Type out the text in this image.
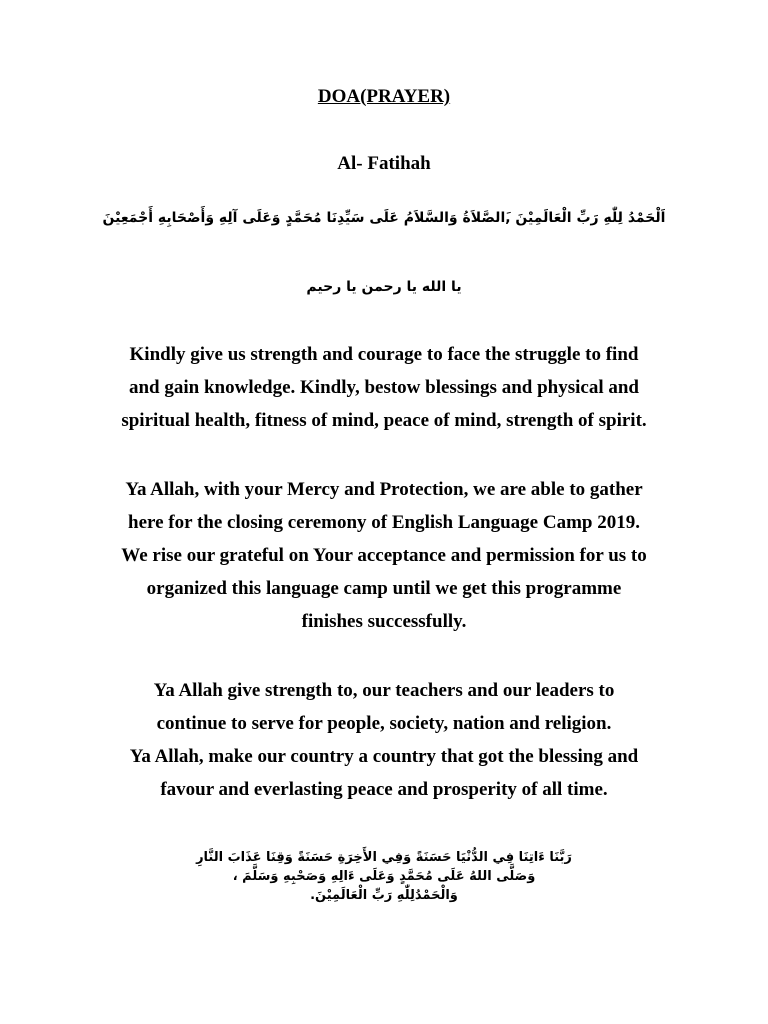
DOA(PRAYER)
Al- Fatihah
اَلْحَمْدُ لِلّٰهِ رَبِّ الْعَالَمِيْنَ ,َالصَّلاَةُ وَالسَّلاَمُ عَلَى سَيِّدِنَا مُحَمَّدٍ وَعَلَى آلِهِ وَأَصْحَابِهِ أَجْمَعِيْنَ
يا الله يا رحمن يا رحيم
Kindly give us strength and courage to face the struggle to find
and gain knowledge. Kindly, bestow blessings and physical and
spiritual health, fitness of mind, peace of mind, strength of spirit.
Ya Allah, with your Mercy and Protection, we are able to gather
here for the closing ceremony of English Language Camp 2019.
We rise our grateful on Your acceptance and permission for us to
organized this language camp until we get this programme
finishes successfully.
Ya Allah give strength to, our teachers and our leaders to
continue to serve for people, society, nation and religion.
Ya Allah, make our country a country that got the blessing and
favour and everlasting peace and prosperity of all time.
رَبَّنَا ءَاتِنَا فِي الدُّنْيَا حَسَنَةً وَفِي الأَخِرَةِ حَسَنَةً وَقِنَا عَذَابَ النَّارِ
وَصَلَّى اللهُ عَلَى مُحَمَّدٍ وَعَلَى ءَالِهِ وَصَحْبِهِ وَسَلَّمَ ،
وَالْحَمْدُلِلّٰهِ رَبِّ الْعَالَمِيْنَ.
